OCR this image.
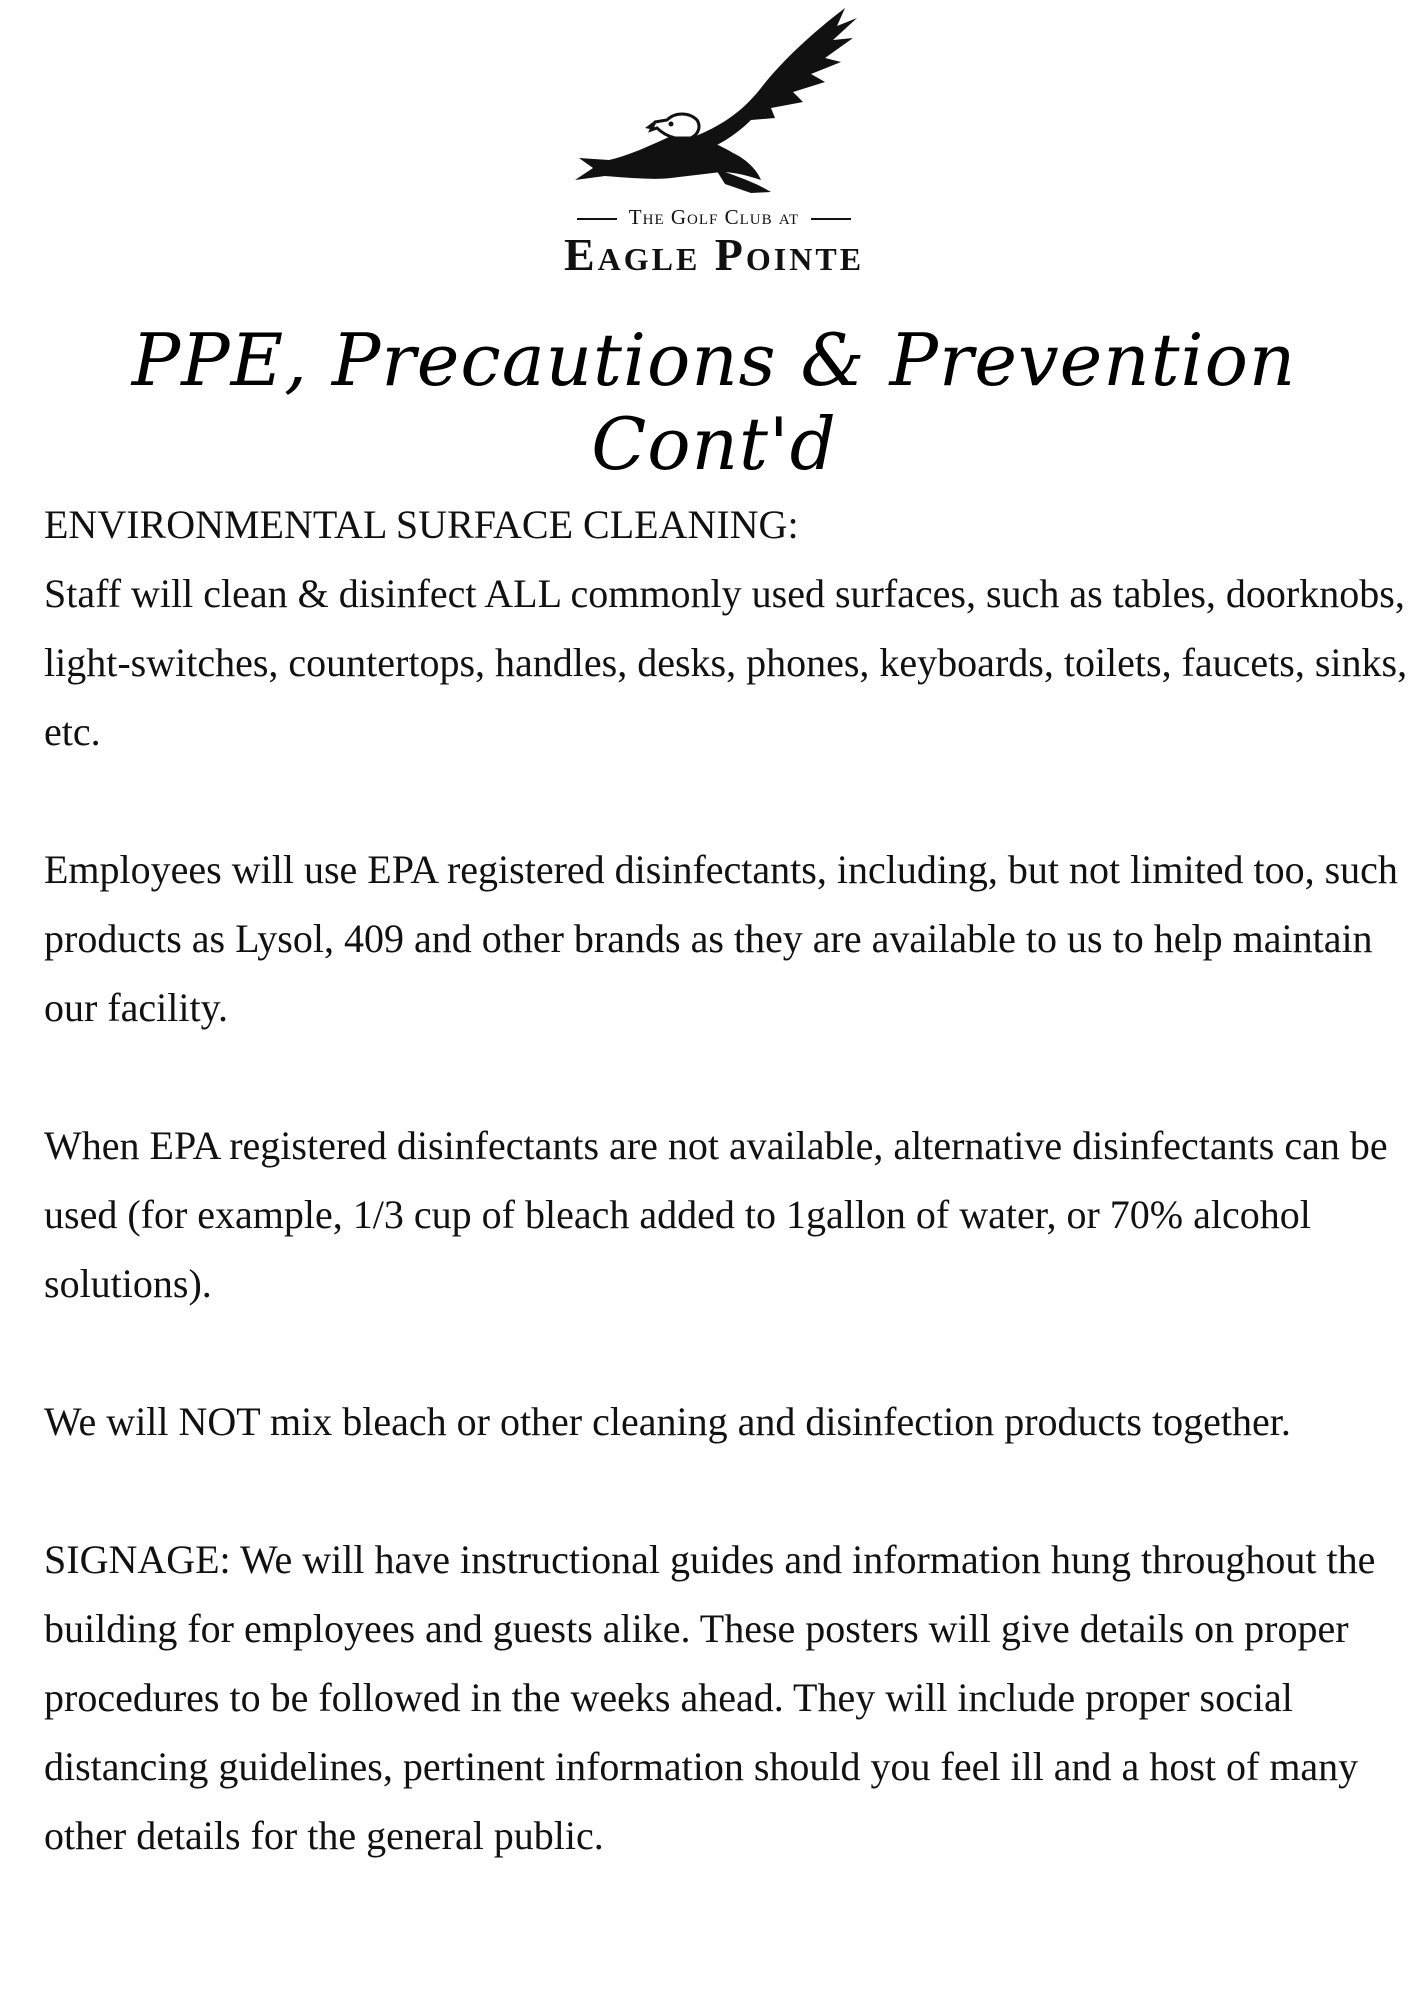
The Golf Club at
Eagle Pointe
PPE, Precautions & Prevention Cont'd

ENVIRONMENTAL SURFACE CLEANING:
Staff will clean & disinfect ALL commonly used surfaces, such as tables, doorknobs, light-switches, countertops, handles, desks, phones, keyboards, toilets, faucets, sinks, etc.

Employees will use EPA registered disinfectants, including, but not limited too, such products as Lysol, 409 and other brands as they are available to us to help maintain our facility.

When EPA registered disinfectants are not available, alternative disinfectants can be used (for example, 1/3 cup of bleach added to 1gallon of water, or 70% alcohol solutions).

We will NOT mix bleach or other cleaning and disinfection products together.

SIGNAGE: We will have instructional guides and information hung throughout the building for employees and guests alike. These posters will give details on proper procedures to be followed in the weeks ahead. They will include proper social distancing guidelines, pertinent information should you feel ill and a host of many other details for the general public.
